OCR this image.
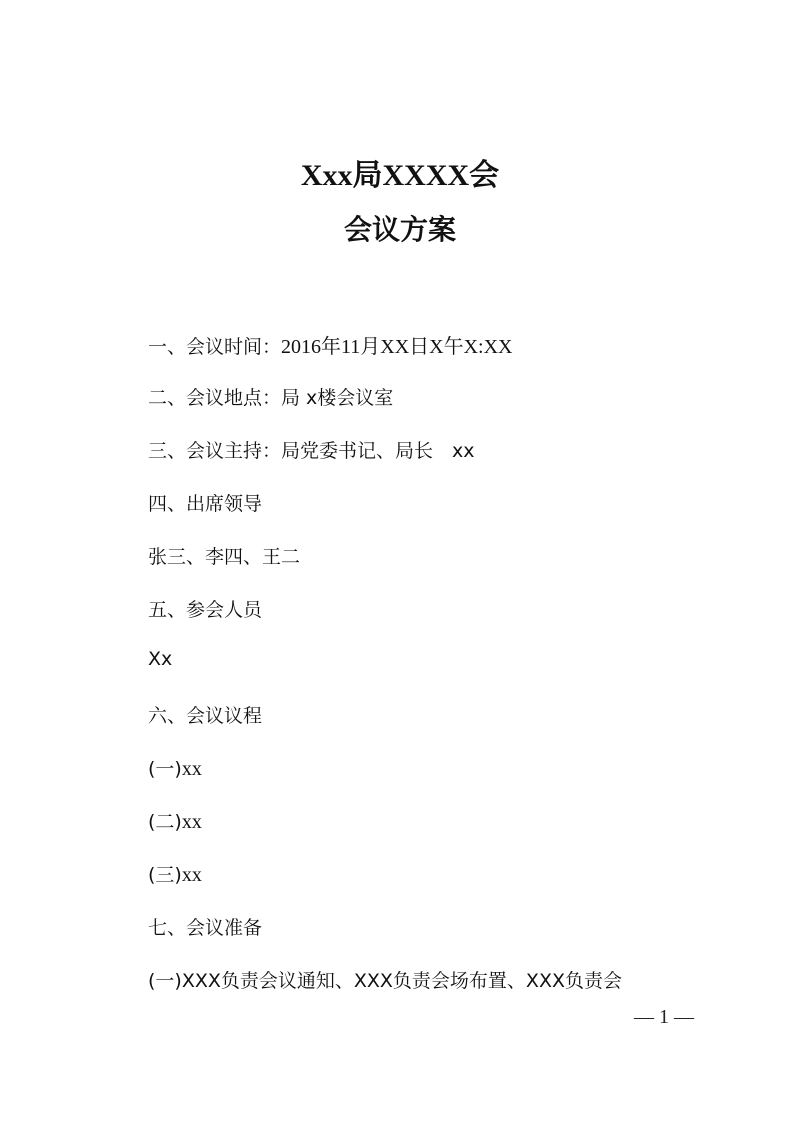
Xxx局XXXX会
会议方案
一、会议时间：2016年11月XX日X午X:XX
二、会议地点：局 x楼会议室
三、会议主持：局党委书记、局长　xx
四、出席领导
张三、李四、王二
五、参会人员
Xx
六、会议议程
(一)xx
(二)xx
(三)xx
七、会议准备
(一)XXX负责会议通知、XXX负责会场布置、XXX负责会
— 1 —
